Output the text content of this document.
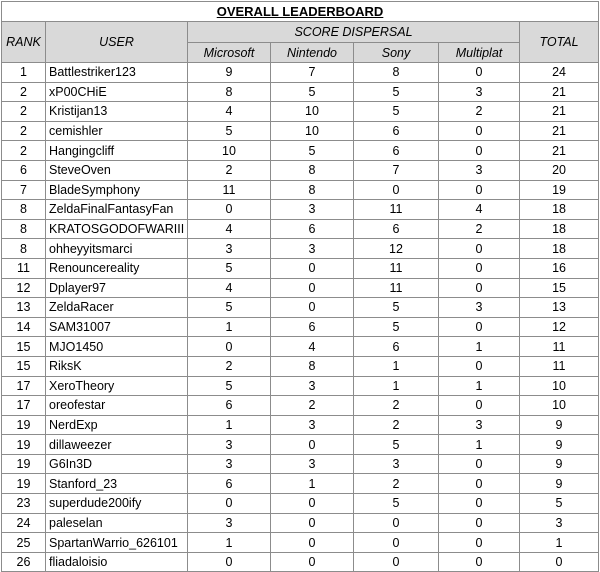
OVERALL LEADERBOARD						
RANK	USER	SCORE DISPERSAL				TOTAL
		Microsoft	Nintendo	Sony	Multiplat	
1	Battlestriker123	9	7	8	0	24
2	xP00CHiE	8	5	5	3	21
2	Kristijan13	4	10	5	2	21
2	cemishler	5	10	6	0	21
2	Hangingcliff	10	5	6	0	21
6	SteveOven	2	8	7	3	20
7	BladeSymphony	11	8	0	0	19
8	ZeldaFinalFantasyFan	0	3	11	4	18
8	KRATOSGODOFWARIII	4	6	6	2	18
8	ohheyyitsmarci	3	3	12	0	18
11	Renouncereality	5	0	11	0	16
12	Dplayer97	4	0	11	0	15
13	ZeldaRacer	5	0	5	3	13
14	SAM31007	1	6	5	0	12
15	MJO1450	0	4	6	1	11
15	RiksK	2	8	1	0	11
17	XeroTheory	5	3	1	1	10
17	oreofestar	6	2	2	0	10
19	NerdExp	1	3	2	3	9
19	dillaweezer	3	0	5	1	9
19	G6In3D	3	3	3	0	9
19	Stanford_23	6	1	2	0	9
23	superdude200ify	0	0	5	0	5
24	paleselan	3	0	0	0	3
25	SpartanWarrio_626101	1	0	0	0	1
26	fliadaloisio	0	0	0	0	0
